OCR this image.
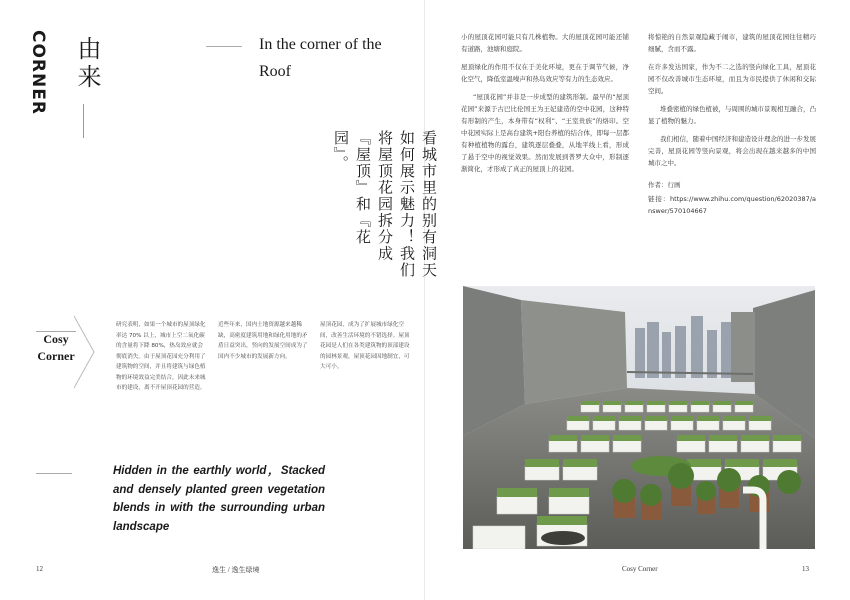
CORNER 由来	In the corner of the Roof
看城市里的别有洞天如何展示魅力！我们将屋顶花园拆分成『屋顶』和『花园』。
Cosy Corner
研究表明，如果一个城市的屋顶绿化率达 70% 以上，城市上空二氧化碳的含量将下降 80%，热岛效应就会彻底消失。由于屋顶花园充分利用了建筑物的空间，并且将建筑与绿色植物的环境效益完美结合，因此未来城市的建设，离不开屋顶花园的营造。
近些年来，国内土地资源越来越稀缺，高密度建筑用地和绿化用地的矛盾日益突出，竖向的发展空间成为了国内不少城市的发展新方向。
屋顶花园，成为了扩展城市绿化空间，改善生活环境的不错选择。屋顶花园是人们在各类建筑物的顶部建设的园林景观，屋顶花园因地制宜，可大可小。
Hidden in the earthly world，Stacked and densely planted green vegetation blends in with the surrounding urban landscape
12	逸生 / 逸生绿境

小的屋顶花园可能只有几株植物。大的屋顶花园可能还铺有道路，池塘和庭院。

屋顶绿化的作用不仅在于美化环境，更在于调节气候，净化空气，降低室温噪声和热岛效应等有力的生态效应。

“屋顶花园”并非是一步成型的建筑形制。最早的“屋顶花园”来源于古巴比伦国王为王妃建造的空中花园，这种特有形制的产生，本身带有“权利”、“王室贵族”的烙印。空中花园实际上是高台建筑+阳台养植的结合体，即每一层都有种植植物的露台，建筑逐层叠叠，从地平线上看，形成了悬于空中的视觉效果。然而发展到普罗大众中，形制逐渐简化，才形成了真正的屋顶上的花园。

将惊艳的自然景观隐藏于闹市，建筑的屋顶花园往往精巧细腻，含而不露。

在许多发达国家，作为不二之选的竖向绿化工具，屋顶花园不仅改善城市生态环境，而且为市民提供了休闲和交际空间。

堆叠密植的绿色植被，与周围的城市景观相互融合，凸显了植物的魅力。

我们相信，随着中国经济和建造设计理念的进一步发展完善，屋顶花园等竖向景观，将会出现在越来越多的中国城市之中。

作者：行画

链接：https://www.zhihu.com/question/62020387/answer/570104667

Cosy Corner	13
